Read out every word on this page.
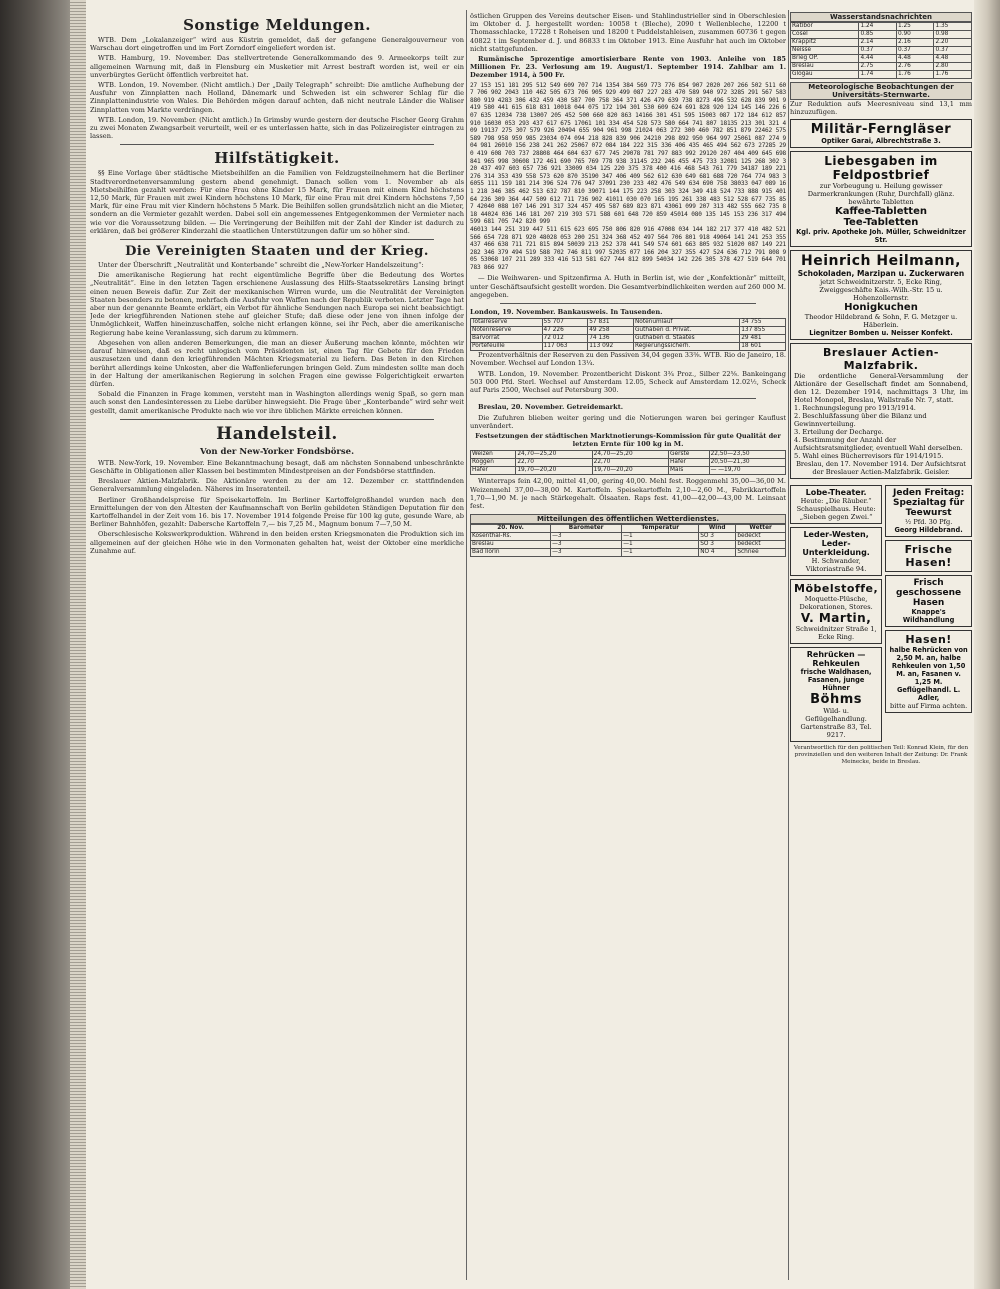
Sonstige Meldungen.

WTB. Dem „Lokalanzeiger“ wird aus Küstrin gemeldet, daß der gefangene Generalgouverneur von Warschau dort eingetroffen und im Fort Zorndorf eingeliefert worden ist.

WTB. Hamburg, 19. November. Das stellvertretende Generalkommando des 9. Armeekorps teilt zur allgemeinen Warnung mit, daß in Flensburg ein Musketier mit Arrest bestraft worden ist, weil er ein unverbürgtes Gerücht öffentlich verbreitet hat.

WTB. London, 19. November. (Nicht amtlich.) Der „Daily Telegraph“ schreibt: Die amtliche Aufhebung der Ausfuhr von Zinnplatten nach Holland, Dänemark und Schweden ist ein schwerer Schlag für die Zinnplattenindustrie von Wales. Die Behörden mögen darauf achten, daß nicht neutrale Länder die Waliser Zinnplatten vom Markte verdrängen.

WTB. London, 19. November. (Nicht amtlich.) In Grimsby wurde gestern der deutsche Fischer Georg Grahm zu zwei Monaten Zwangsarbeit verurteilt, weil er es unterlassen hatte, sich in das Polizeiregister eintragen zu lassen.

Hilfstätigkeit.

§§ Eine Vorlage über städtische Mietsbeihilfen an die Familien von Feldzugsteilnehmern hat die Berliner Stadtverordnetenversammlung gestern abend genehmigt. Danach sollen vom 1. November ab als Mietsbeihilfen gezahlt werden: Für eine Frau ohne Kinder 15 Mark, für Frauen mit einem Kind höchstens 12,50 Mark, für Frauen mit zwei Kindern höchstens 10 Mark, für eine Frau mit drei Kindern höchstens 7,50 Mark, für eine Frau mit vier Kindern höchstens 5 Mark. Die Beihilfen sollen grundsätzlich nicht an die Mieter, sondern an die Vermieter gezahlt werden. Dabei soll ein angemessenes Entgegenkommen der Vermieter nach wie vor die Voraussetzung bilden. — Die Verringerung der Beihilfen mit der Zahl der Kinder ist dadurch zu erklären, daß bei größerer Kinderzahl die staatlichen Unterstützungen dafür um so höher sind.

Die Vereinigten Staaten und der Krieg.

Unter der Überschrift „Neutralität und Konterbande“ schreibt die „New-Yorker Handelszeitung“:

Die amerikanische Regierung hat recht eigentümliche Begriffe über die Bedeutung des Wortes „Neutralität“. Eine in den letzten Tagen erschienene Auslassung des Hilfs-Staatssekretärs Lansing bringt einen neuen Beweis dafür. Zur Zeit der mexikanischen Wirren wurde, um die Neutralität der Vereinigten Staaten besonders zu betonen, mehrfach die Ausfuhr von Waffen nach der Republik verboten. Letzter Tage hat aber nun der genannte Beamte erklärt, ein Verbot für ähnliche Sendungen nach Europa sei nicht beabsichtigt. Jede der kriegführenden Nationen stehe auf gleicher Stufe; daß diese oder jene von ihnen infolge der Unmöglichkeit, Waffen hineinzuschaffen, solche nicht erlangen könne, sei ihr Pech, aber die amerikanische Regierung habe keine Veranlassung, sich darum zu kümmern.

Abgesehen von allen anderen Bemerkungen, die man an dieser Äußerung machen könnte, möchten wir darauf hinweisen, daß es recht unlogisch vom Präsidenten ist, einen Tag für Gebete für den Frieden auszusetzen und dann den kriegführenden Mächten Kriegsmaterial zu liefern. Das Beten in den Kirchen berührt allerdings keine Unkosten, aber die Waffenlieferungen bringen Geld. Zum mindesten sollte man doch in der Haltung der amerikanischen Regierung in solchen Fragen eine gewisse Folgerichtigkeit erwarten dürfen.

Sobald die Finanzen in Frage kommen, versteht man in Washington allerdings wenig Spaß, so gern man auch sonst den Landesinteressen zu Liebe darüber hinwegsieht. Die Frage über „Konterbande“ wird sehr weit gestellt, damit amerikanische Produkte nach wie vor ihre üblichen Märkte erreichen können.

Handelsteil.
Von der New-Yorker Fondsbörse.

WTB. New-York, 19. November. Eine Bekanntmachung besagt, daß am nächsten Sonnabend unbeschränkte Geschäfte in Obligationen aller Klassen bei bestimmten Mindestpreisen an der Fondsbörse stattfinden.

Breslauer Aktien-Malzfabrik. Die Aktionäre werden zu der am 12. Dezember cr. stattfindenden Generalversammlung eingeladen. Näheres im Inseratenteil.

Berliner Großhandelspreise für Speisekartoffeln. Im Berliner Kartoffelgroßhandel wurden nach den Ermittelungen der von den Ältesten der Kaufmannschaft von Berlin gebildeten Ständigen Deputation für den Kartoffelhandel in der Zeit vom 16. bis 17. November 1914 folgende Preise für 100 kg gute, gesunde Ware, ab Berliner Bahnhöfen, gezahlt: Dabersche Kartoffeln 7,— bis 7,25 M., Magnum bonum 7—7,50 M.

Oberschlesische Kokswerkproduktion. Während in den beiden ersten Kriegsmonaten die Produktion sich im allgemeinen auf der gleichen Höhe wie in den Vormonaten gehalten hat, weist der Oktober eine merkliche Zunahme auf.

östlichen Gruppen des Vereins deutscher Eisen- und Stahlindustrieller sind in Oberschlesien im Oktober d. J. hergestellt worden: 10058 t (Bleche), 2090 t Wellenbleche, 12200 t Thomasschlacke, 17228 t Roheisen und 18200 t Puddelstahleisen, zusammen 60736 t gegen 40822 t im September d. J. und 86833 t im Oktober 1913. Eine Ausfuhr hat auch im Oktober nicht stattgefunden.

Rumänische 5prozentige amortisierbare Rente von 1903. Anleihe von 185 Millionen Fr. 23. Verlosung am 19. August/1. September 1914. Zahlbar am 1. Dezember 1914, à 500 Fr.

27 153 151 181 295 512 549 609 707 714 1354 384 569 773 776 854 907 2020 207 266 502 511 607 706 902 2043 110 462 505 673 706 905 929 499 087 227 283 470 589 940 972 3285 291 567 583 880 919 4283 306 432 459 430 587 700 758 364 371 426 479 639 738 8273 496 532 628 839 901 9419 580 441 615 618 831 10018 044 075 172 194 301 530 609 624 691 828 920 124 145 146 226 607 635 12034 738 13007 205 452 500 660 820 863 14166 301 451 595 15003 087 172 184 612 857 910 16030 053 293 437 617 675 17061 101 334 454 528 573 580 664 741 807 18135 213 301 321 409 19137 275 307 579 926 20494 655 904 961 998 21024 063 272 300 460 782 851 879 22462 575 589 798 958 959 985 23034 074 094 218 828 839 906 24210 298 892 950 964 997 25061 087 274 904 981 26010 156 238 241 262 25067 072 084 184 222 315 336 406 435 465 494 562 673 27285 290 419 608 703 737 28808 464 604 637 677 745 29078 781 797 883 992 29120 207 404 409 645 698 841 965 998 30608 172 461 690 765 769 778 938 31145 232 246 455 475 733 32081 125 268 302 320 437 497 603 657 736 921 33009 034 125 220 375 378 400 416 468 543 761 779 34187 189 221 276 314 353 439 558 573 620 870 35190 347 406 409 562 612 630 649 681 688 720 764 774 983 36055 111 159 181 214 396 524 776 947 37091 230 233 402 476 549 634 690 758 38033 047 089 161 218 346 385 462 513 632 787 810 39071 144 175 223 258 303 324 349 418 524 733 888 915 40164 236 309 364 447 509 612 711 736 902 41011 030 070 165 195 261 338 483 512 528 677 735 857 42040 088 107 146 291 317 324 457 495 587 689 823 871 43061 099 207 313 482 555 662 735 818 44024 036 146 181 207 219 393 571 588 601 648 720 859 45014 080 135 145 153 236 317 494 599 681 705 742 820 999
46013 144 251 319 447 511 615 623 695 750 806 820 916 47008 034 144 182 217 377 410 482 521 566 654 728 871 920 48028 053 200 251 324 368 452 497 564 706 801 918 49064 141 241 253 355 437 466 638 711 721 815 894 50039 213 252 378 441 549 574 601 663 805 932 51020 087 149 221 282 346 379 494 519 588 702 746 811 997 52035 077 166 204 327 355 427 524 636 712 791 808 905 53068 107 211 289 333 416 513 581 627 744 812 899 54034 142 226 305 378 427 519 644 701 783 866 927

— Die Weihwaren- und Spitzenfirma A. Huth in Berlin ist, wie der „Konfektionär“ mitteilt, unter Geschäftsaufsicht gestellt worden. Die Gesamtverbindlichkeiten werden auf 260 000 M. angegeben.

London, 19. November. Bankausweis. In Tausenden.

Totalreserve	55 707	57 831	Notenumlauf	34 755
Notenreserve	47 226	49 258	Guthaben d. Privat.	137 855
Barvorrat	72 012	74 136	Guthaben d. Staates	29 481
Portefeuille	117 063	113 092	Regierungssicherh.	18 601

Prozentverhältnis der Reserven zu den Passiven 34,04 gegen 33⅜. WTB. Rio de Janeiro, 18. November. Wechsel auf London 13¼.

WTB. London, 19. November. Prozentbericht Diskont 3¾ Proz., Silber 22⅝. Bankeingang 503 000 Pfd. Sterl. Wechsel auf Amsterdam 12.05, Scheck auf Amsterdam 12.02½, Scheck auf Paris 2500, Wechsel auf Petersburg 300.

Breslau, 20. November. Getreidemarkt.

Die Zufuhren blieben weiter gering und die Notierungen waren bei geringer Kauflust unverändert.

Festsetzungen der städtischen Marktnotierungs-Kommission für gute Qualität der letzten Ernte für 100 kg in M.

Weizen	24,70—25,20	24,70—25,20	Gerste	22,50—23,50
Roggen	22,70	22,70	Hafer	20,50—21,30
Hafer	19,70—20,20	19,70—20,20	Mais	— —19,70

Winterraps fein 42,00, mittel 41,00, gering 40,00. Mehl fest. Roggenmehl 35,00—36,00 M. Weizenmehl 37,00—38,00 M. Kartoffeln. Speisekartoffeln 2,10—2,60 M., Fabrikkartoffeln 1,70—1,90 M. je nach Stärkegehalt. Ölsaaten. Raps fest. 41,00—42,00—43,00 M. Leinsaat fest.

Mitteilungen des öffentlichen Wetterdienstes.
20. Nov.	Barometer	Temperatur	Wind	Wetter
Kosenthal-Rs.	—3	—1	SO 3	bedeckt
Breslau	—3	—1	SO 3	bedeckt
Bad Ilorin	—3	—1	NO 4	Schnee
Wasserstandsnachrichten
Ratibor	1.24	1.25	1.35
Cosel	0.85	0.90	0.98
Krappitz	2.14	2.16	2.20
Neisse	0.37	0.37	0.37
Brieg OP.	4.44	4.48	4.48
Breslau	2.75	2.76	2.80
Glogau	1.74	1.76	1.76
Meteorologische Beobachtungen der Universitäts-Sternwarte.

Zur Reduktion aufs Meeresniveau sind 13,1 mm hinzuzufügen.

Militär-Ferngläser
Optiker Garai, Albrechtstraße 3.
Liebesgaben im Feldpostbrief
zur Vorbeugung u. Heilung gewisser Darmerkrankungen (Ruhr, Durchfall) glänz. bewährte Tabletten
Kaffee-Tabletten
Tee-Tabletten
Kgl. priv. Apotheke Joh. Müller, Schweidnitzer Str.
Heinrich Heilmann,
Schokoladen, Marzipan u. Zuckerwaren
jetzt Schweidnitzerstr. 5, Ecke Ring, Zweiggeschäfte Kais.-Wilh.-Str. 15 u. Hohenzollernstr.
Honigkuchen
Theodor Hildebrand & Sohn, F. G. Metzger u. Häberlein.
Liegnitzer Bomben u. Neisser Konfekt.
Breslauer Actien-Malzfabrik.
Die ordentliche General-Versammlung der Aktionäre der Gesellschaft findet am Sonnabend, den 12. Dezember 1914, nachmittags 3 Uhr, im Hotel Monopol, Breslau, Wallstraße Nr. 7, statt.
1. Rechnungslegung pro 1913/1914.
2. Beschlußfassung über die Bilanz und Gewinnverteilung.
3. Erteilung der Decharge.
4. Bestimmung der Anzahl der Aufsichtsratsmitglieder, eventuell Wahl derselben.
5. Wahl eines Bücherrevisors für 1914/1915.
Breslau, den 17. November 1914. Der Aufsichtsrat der Breslauer Actien-Malzfabrik. Geisler.
Lobe-Theater.
Heute: „Die Räuber.“
Schauspielhaus. Heute: „Sieben gegen Zwei.“
Leder-Westen, Leder-Unterkleidung.
H. Schwander, Viktoriastraße 94.
Möbelstoffe,
Moquette-Plüsche, Dekorationen, Stores.
V. Martin,
Schweidnitzer Straße 1, Ecke Ring.
Rehrücken — Rehkeulen
frische Waldhasen, Fasanen, junge Hühner
Böhms
Wild- u. Geflügelhandlung. Gartenstraße 83, Tel. 9217.
Jeden Freitag: Spezialtag für Teewurst
½ Pfd. 30 Pfg.
Georg Hildebrand.
Frische Hasen!
Frisch geschossene Hasen
Knappe's Wildhandlung
Hasen!
halbe Rehrücken von 2,50 M. an, halbe Rehkeulen von 1,50 M. an, Fasanen v. 1,25 M.
Geflügelhandl. L. Adler,
bitte auf Firma achten.

Verantwortlich für den politischen Teil: Konrad Klein, für den provinziellen und den weiteren Inhalt der Zeitung: Dr. Frank Meinecke, beide in Breslau.
